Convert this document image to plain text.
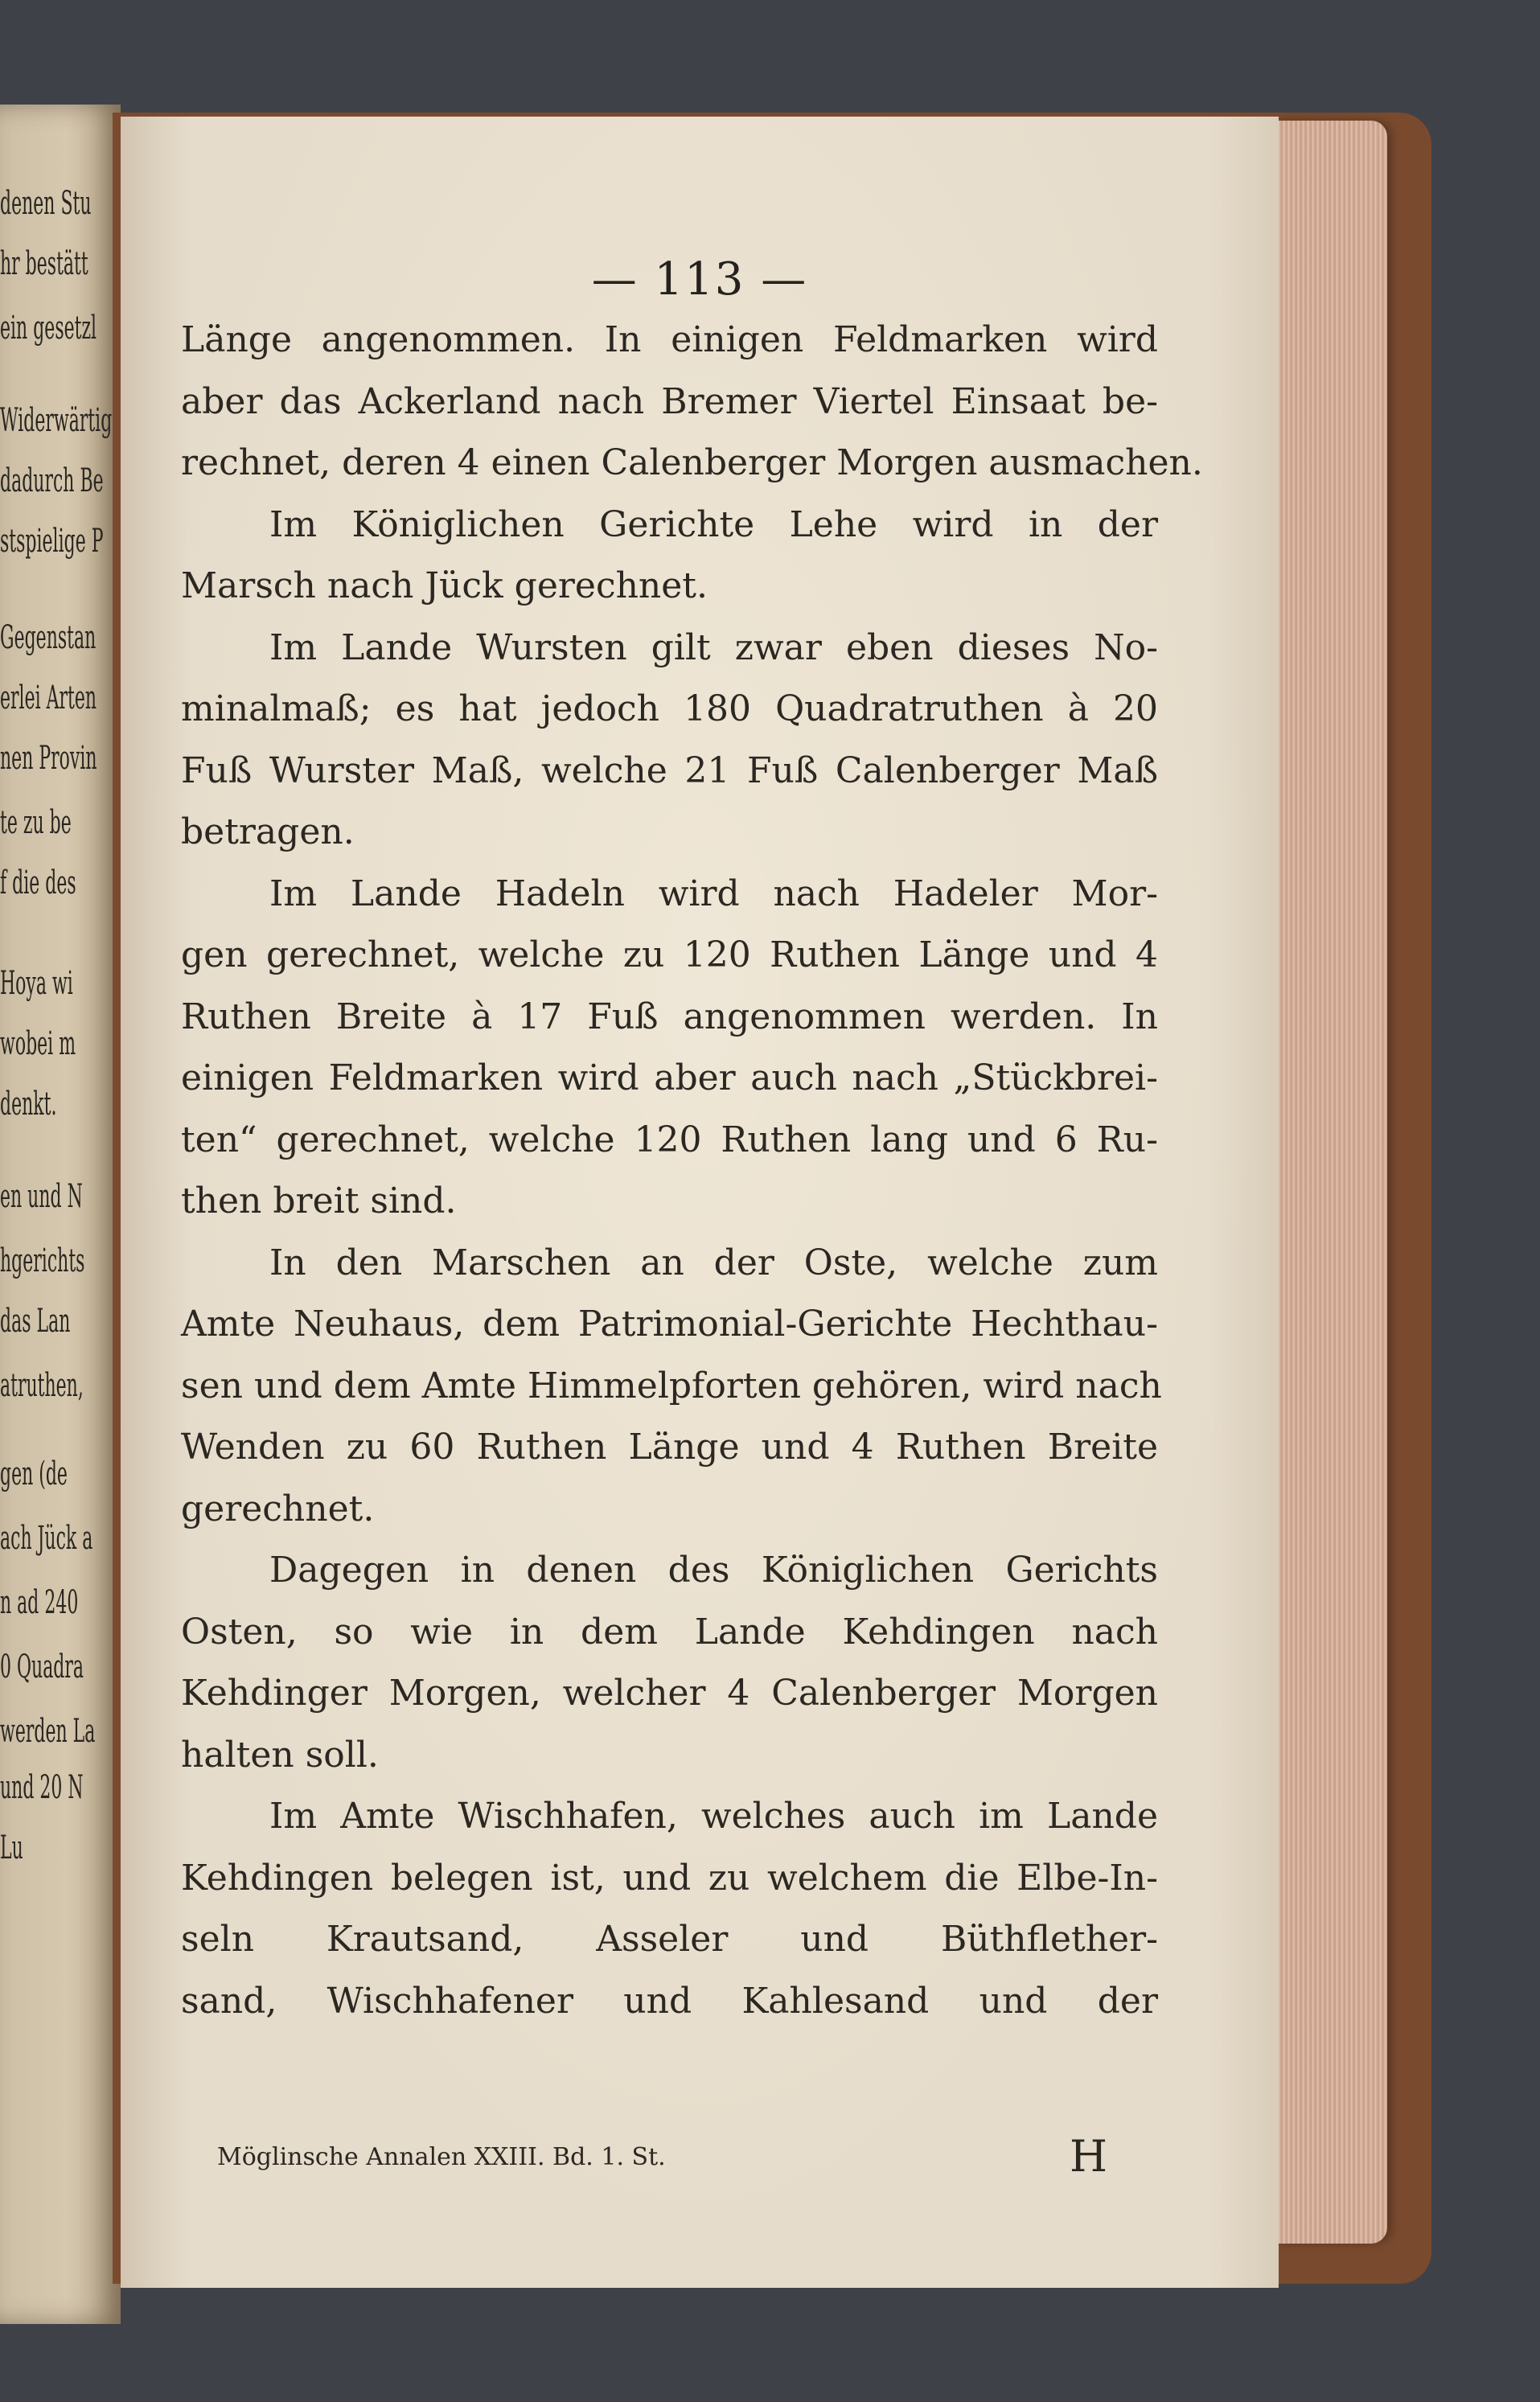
denen Stu
hr bestätt
ein gesetzl
Widerwärtig
dadurch Be
stspielige P
Gegenstan
erlei Arten
nen Provin
te zu be
f die des
Hoya wi
wobei m
denkt.
en und N
hgerichts
das Lan
atruthen,
gen (de
ach Jück a
n ad 240
0 Quadra
werden La
und 20 N
Lu
— 113 —
Länge angenommen. In einigen Feldmarken wird
aber das Ackerland nach Bremer Viertel Einsaat be-
rechnet, deren 4 einen Calenberger Morgen ausmachen.
Im Königlichen Gerichte Lehe wird in der
Marsch nach Jück gerechnet.
Im Lande Wursten gilt zwar eben dieses No-
minalmaß; es hat jedoch 180 Quadratruthen à 20
Fuß Wurster Maß, welche 21 Fuß Calenberger Maß
betragen.
Im Lande Hadeln wird nach Hadeler Mor-
gen gerechnet, welche zu 120 Ruthen Länge und 4
Ruthen Breite à 17 Fuß angenommen werden. In
einigen Feldmarken wird aber auch nach „Stückbrei-
ten“ gerechnet, welche 120 Ruthen lang und 6 Ru-
then breit sind.
In den Marschen an der Oste, welche zum
Amte Neuhaus, dem Patrimonial-Gerichte Hechthau-
sen und dem Amte Himmelpforten gehören, wird nach
Wenden zu 60 Ruthen Länge und 4 Ruthen Breite
gerechnet.
Dagegen in denen des Königlichen Gerichts
Osten, so wie in dem Lande Kehdingen nach
Kehdinger Morgen, welcher 4 Calenberger Morgen
halten soll.
Im Amte Wischhafen, welches auch im Lande
Kehdingen belegen ist, und zu welchem die Elbe-In-
seln Krautsand, Asseler und Büthflether-
sand, Wischhafener und Kahlesand und der
Möglinsche Annalen XXIII. Bd. 1. St.	H
